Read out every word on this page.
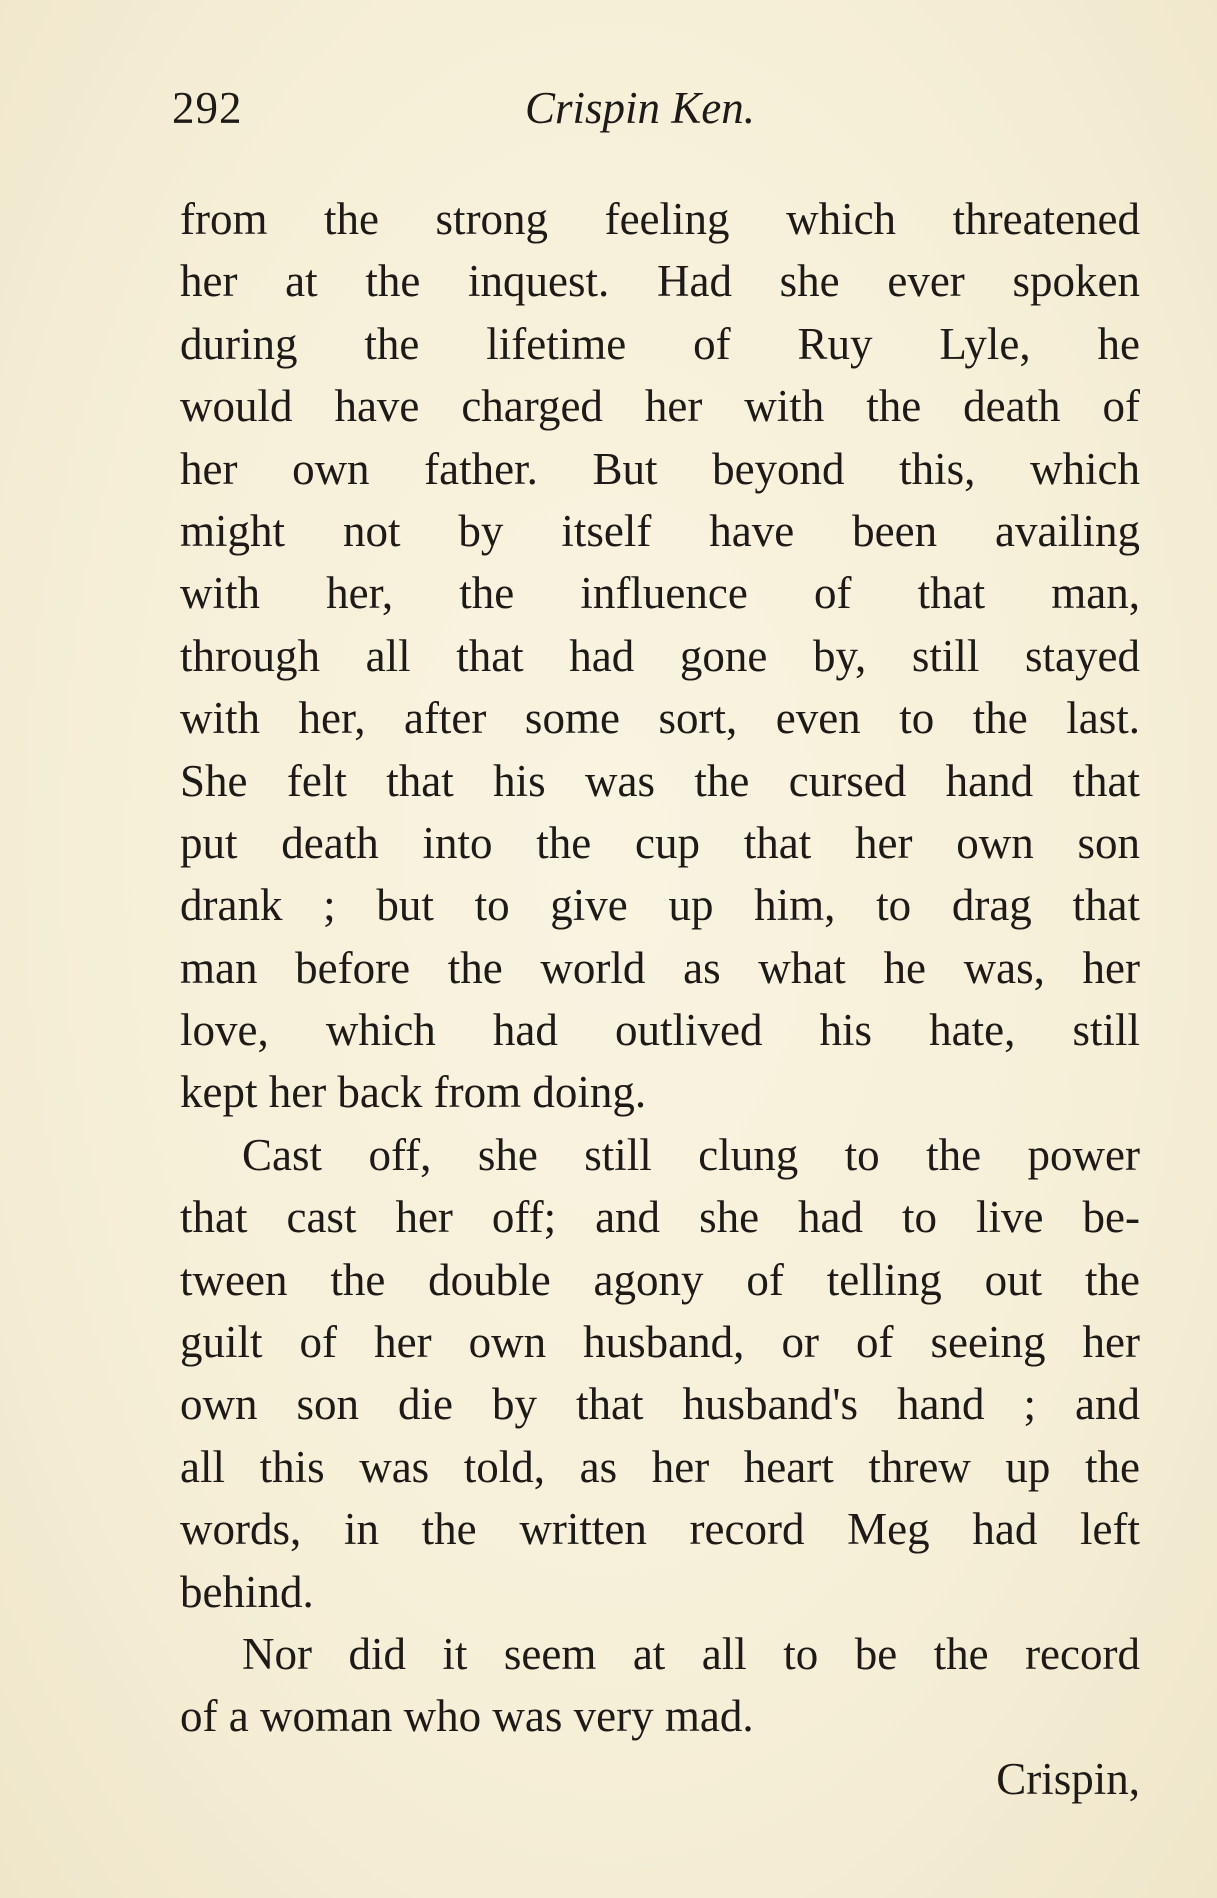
292	Crispin Ken.
from the strong feeling which threatened
her at the inquest. Had she ever spoken
during the lifetime of Ruy Lyle, he
would have charged her with the death of
her own father. But beyond this, which
might not by itself have been availing
with her, the influence of that man,
through all that had gone by, still stayed
with her, after some sort, even to the last.
She felt that his was the cursed hand that
put death into the cup that her own son
drank ; but to give up him, to drag that
man before the world as what he was, her
love, which had outlived his hate, still
kept her back from doing.
Cast off, she still clung to the power
that cast her off; and she had to live be-
tween the double agony of telling out the
guilt of her own husband, or of seeing her
own son die by that husband's hand ; and
all this was told, as her heart threw up the
words, in the written record Meg had left
behind.
Nor did it seem at all to be the record
of a woman who was very mad.
Crispin,
